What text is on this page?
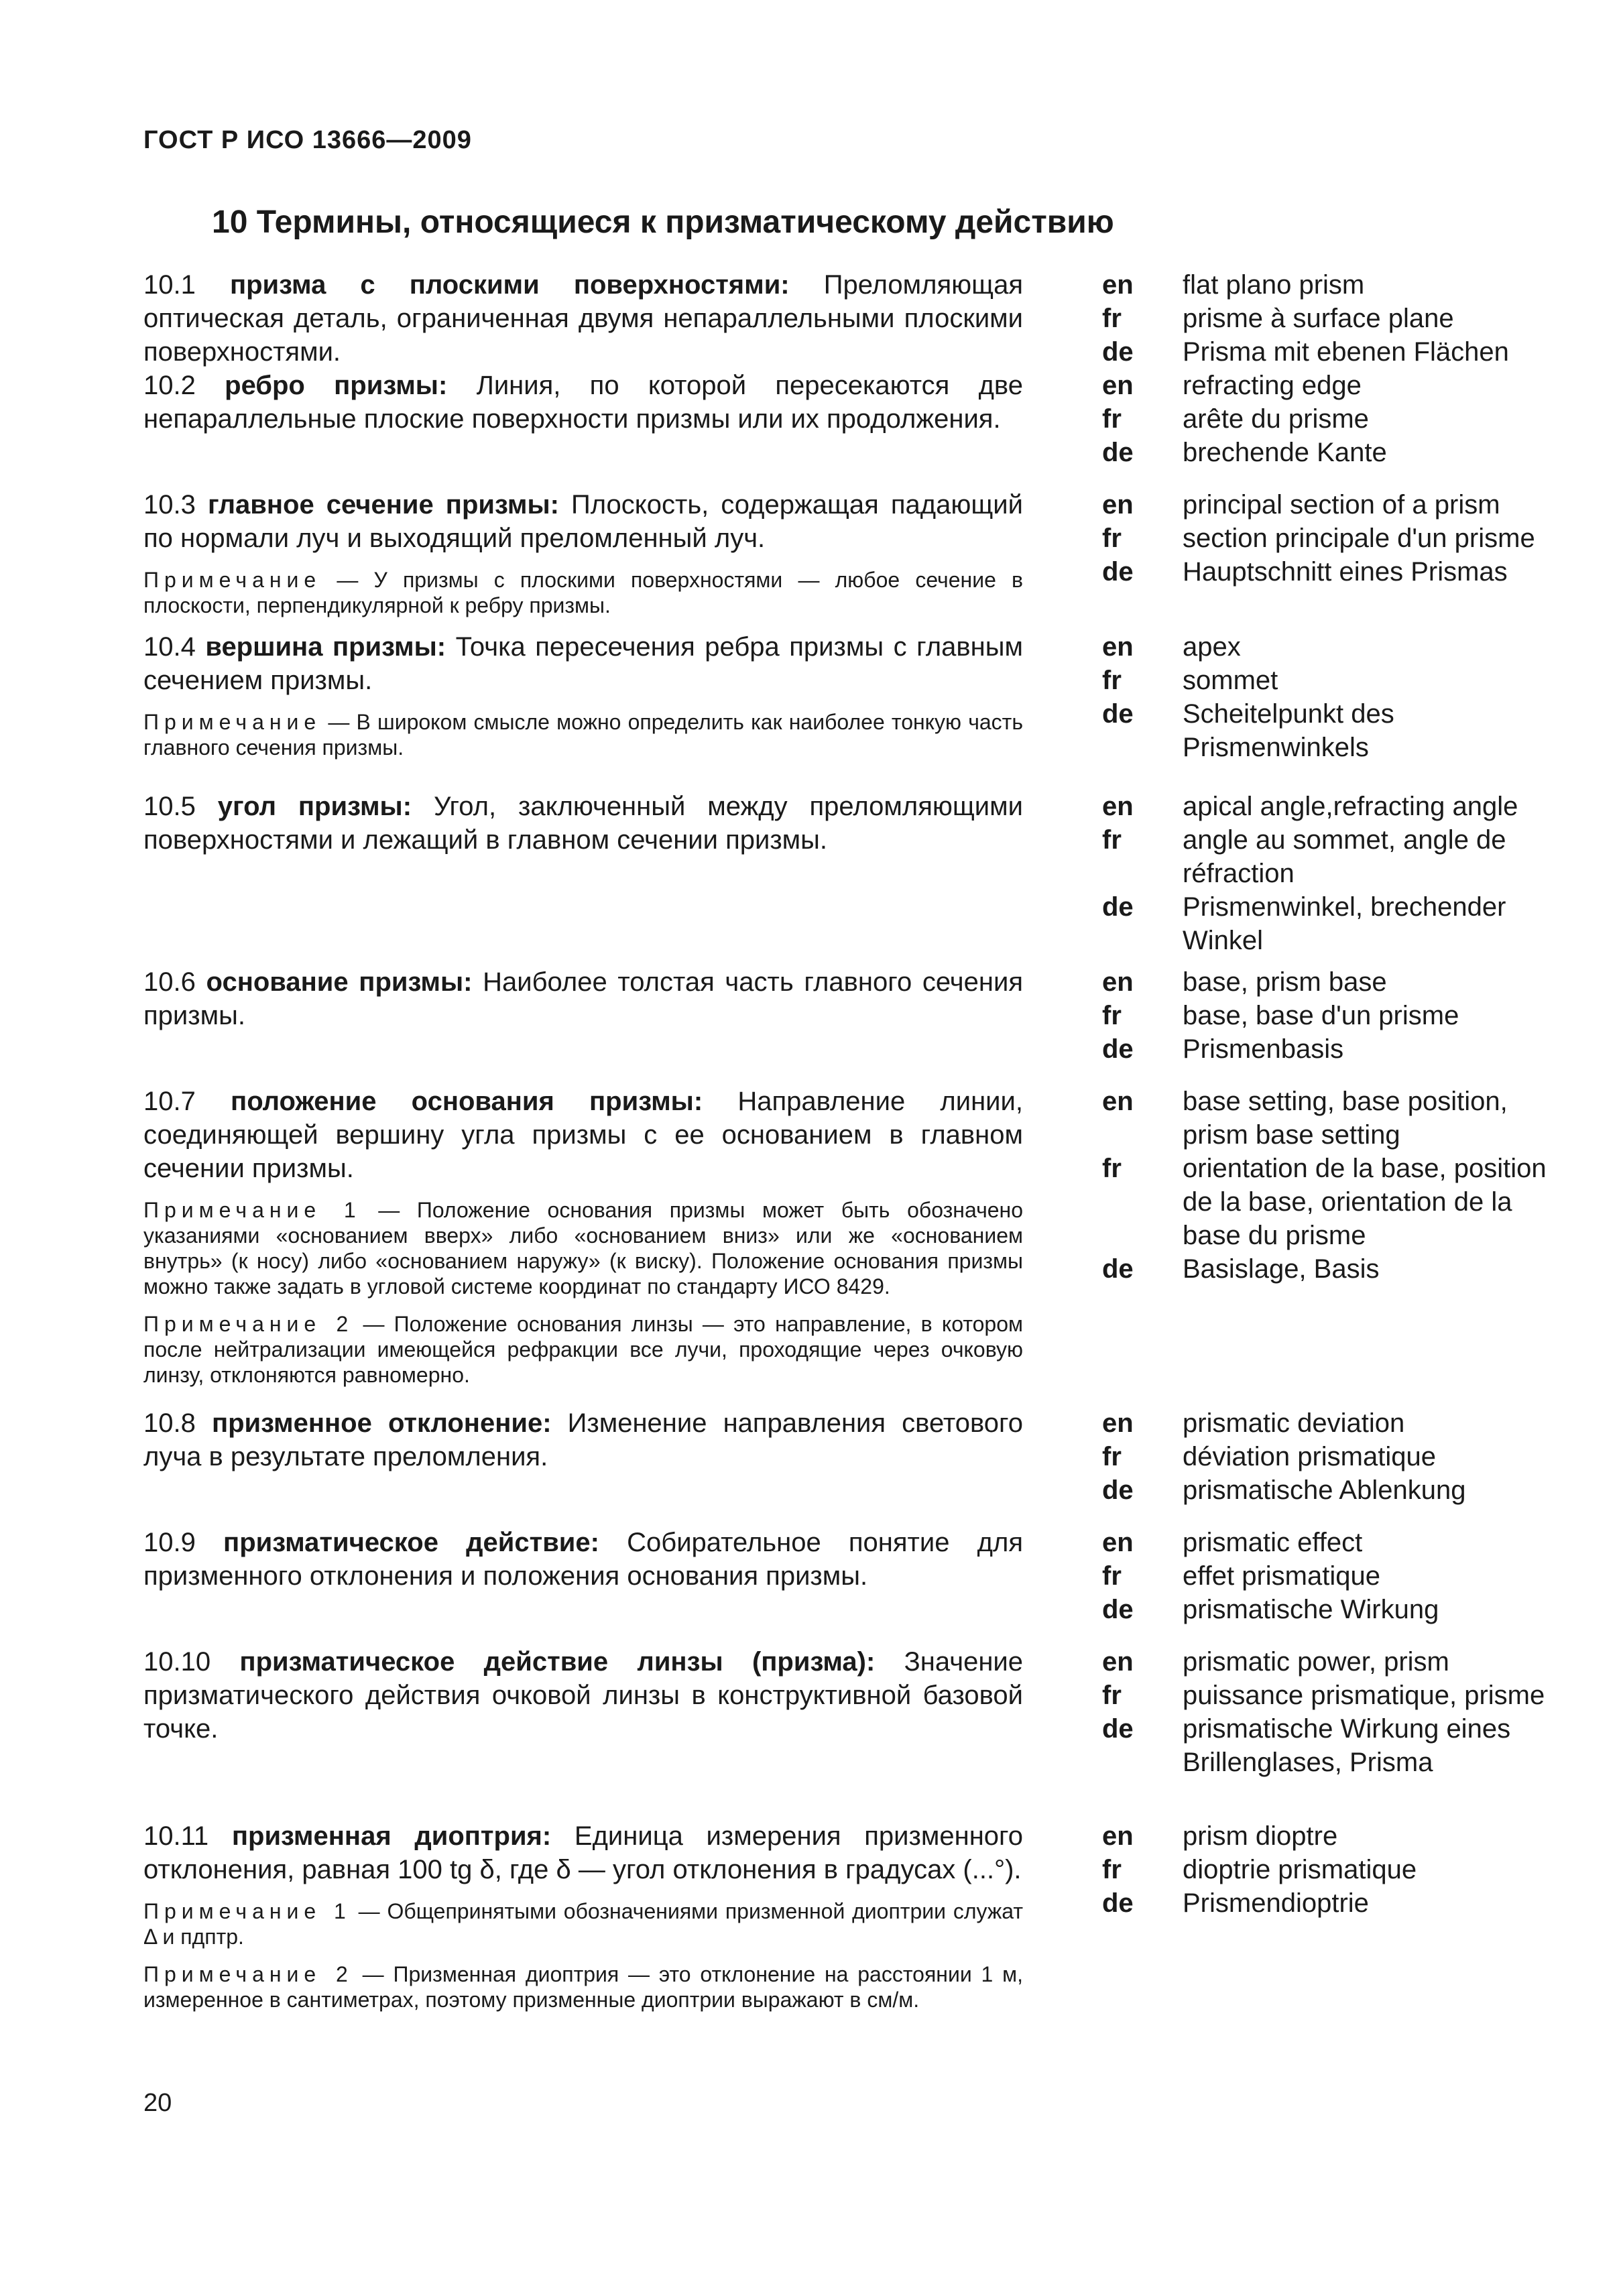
ГОСТ Р ИСО 13666—2009
10 Термины, относящиеся к призматическому действию
10.1 призма с плоскими поверхностями: Преломляющая оптическая деталь, ограниченная двумя непараллельными плоскими поверхностями.
en	flat plano prism
fr	prisme à surface plane
de	Prisma mit ebenen Flächen
10.2 ребро призмы: Линия, по которой пересекаются две непараллельные плоские поверхности призмы или их продолжения.
en	refracting edge
fr	arête du prisme
de	brechende Kante
10.3 главное сечение призмы: Плоскость, содержащая падающий по нормали луч и выходящий преломленный луч.
Примечание — У призмы с плоскими поверхностями — любое сечение в плоскости, перпендикулярной к ребру призмы.
en	principal section of a prism
fr	section principale d'un prisme
de	Hauptschnitt eines Prismas
10.4 вершина призмы: Точка пересечения ребра призмы с главным сечением призмы.
Примечание — В широком смысле можно определить как наиболее тонкую часть главного сечения призмы.
en	apex
fr	sommet
de	Scheitelpunkt des Prismenwinkels
10.5 угол призмы: Угол, заключенный между преломляющими поверхностями и лежащий в главном сечении призмы.
en	apical angle,refracting angle
fr	angle au sommet, angle de réfraction
de	Prismenwinkel, brechender Winkel
10.6 основание призмы: Наиболее толстая часть главного сечения призмы.
en	base, prism base
fr	base, base d'un prisme
de	Prismenbasis
10.7 положение основания призмы: Направление линии, соединяющей вершину угла призмы с ее основанием в главном сечении призмы.
Примечание 1 — Положение основания призмы может быть обозначено указаниями «основанием вверх» либо «основанием вниз» или же «основанием внутрь» (к носу) либо «основанием наружу» (к виску). Положение основания призмы можно также задать в угловой системе координат по стандарту ИСО 8429.
Примечание 2 — Положение основания линзы — это направление, в котором после нейтрализации имеющейся рефракции все лучи, проходящие через очковую линзу, отклоняются равномерно.
en	base setting, base position, prism base setting
fr	orientation de la base, position de la base, orientation de la base du prisme
de	Basislage, Basis
10.8 призменное отклонение: Изменение направления светового луча в результате преломления.
en	prismatic deviation
fr	déviation prismatique
de	prismatische Ablenkung
10.9 призматическое действие: Собирательное понятие для призменного отклонения и положения основания призмы.
en	prismatic effect
fr	effet prismatique
de	prismatische Wirkung
10.10 призматическое действие линзы (призма): Значение призматического действия очковой линзы в конструктивной базовой точке.
en	prismatic power, prism
fr	puissance prismatique, prisme
de	prismatische Wirkung eines Brillenglases, Prisma
10.11 призменная диоптрия: Единица измерения призменного отклонения, равная 100 tg δ, где δ — угол отклонения в градусах (...°).
Примечание 1 — Общепринятыми обозначениями призменной диоптрии служат Δ и пдптр.
Примечание 2 — Призменная диоптрия — это отклонение на расстоянии 1 м, измеренное в сантиметрах, поэтому призменные диоптрии выражают в см/м.
en	prism dioptre
fr	dioptrie prismatique
de	Prismendioptrie
20
